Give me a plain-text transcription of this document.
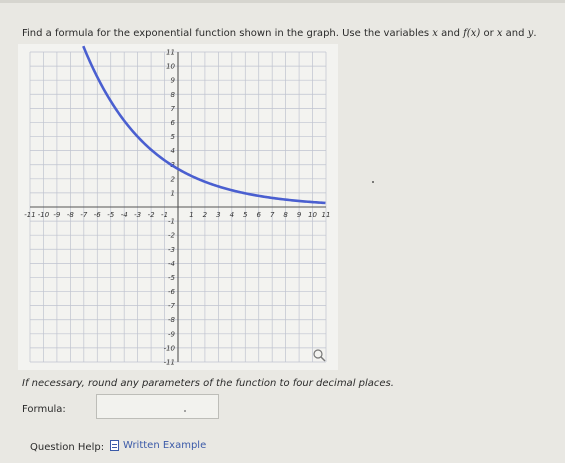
Find a formula for the exponential function shown in the graph. Use the variables x and f(x) or x and y.
-11 -10 -9 -8 -7 -6 -5 -4 -3 -2 -1	1 2 3 4 5 6 7 8 9 10 11
11
10
9
8
7
6
5
4
3
2
1
-1
-2
-3
-4
-5
-6
-7
-8
-9
-10
-11
If necessary, round any parameters of the function to four decimal places.
Formula:
Question Help: Written Example
